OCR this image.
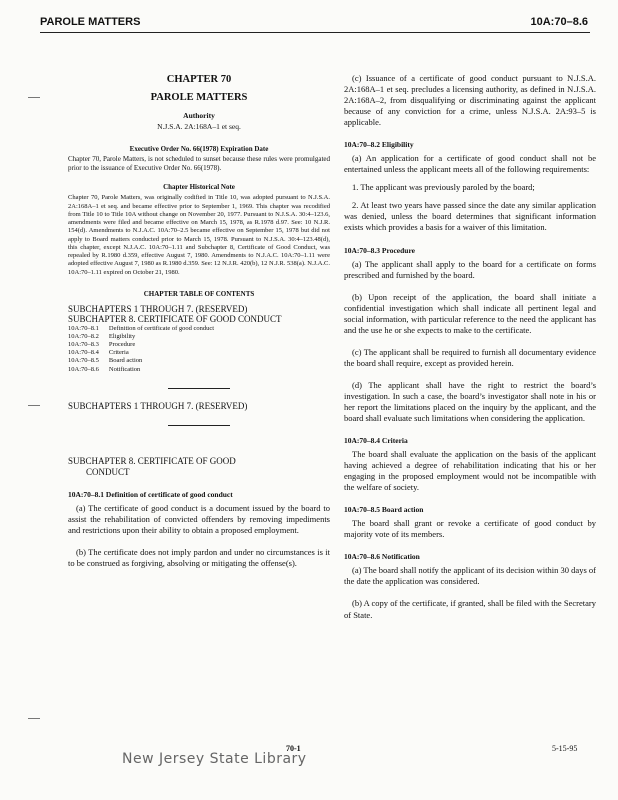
PAROLE MATTERS	10A:70–8.6
CHAPTER 70
PAROLE MATTERS
Authority
N.J.S.A. 2A:168A–1 et seq.
Executive Order No. 66(1978) Expiration Date
Chapter 70, Parole Matters, is not scheduled to sunset because these rules were promulgated prior to the issuance of Executive Order No. 66(1978).
Chapter Historical Note
Chapter 70, Parole Matters, was originally codified in Title 10, was adopted pursuant to N.J.S.A. 2A:168A–1 et seq. and became effective prior to September 1, 1969. This chapter was recodified from Title 10 to Title 10A without change on November 20, 1977. Pursuant to N.J.S.A. 30:4–123.6, amendments were filed and became effective on March 15, 1978, as R.1978 d.97. See: 10 N.J.R. 154(d). Amendments to N.J.A.C. 10A:70–2.5 became effective on September 15, 1978 but did not apply to Board matters conducted prior to March 15, 1978. Pursuant to N.J.S.A. 30:4–123.48(d), this chapter, except N.J.A.C. 10A:70–1.11 and Subchapter 8, Certificate of Good Conduct, was repealed by R.1980 d.359, effective August 7, 1980. Amendments to N.J.A.C. 10A:70–1.11 were adopted effective August 7, 1980 as R.1980 d.359. See: 12 N.J.R. 420(b), 12 N.J.R. 538(a). N.J.A.C. 10A:70–1.11 expired on October 21, 1980.
CHAPTER TABLE OF CONTENTS
SUBCHAPTERS 1 THROUGH 7. (RESERVED)
SUBCHAPTER 8. CERTIFICATE OF GOOD CONDUCT
10A:70–8.1	Definition of certificate of good conduct
10A:70–8.2	Eligibility
10A:70–8.3	Procedure
10A:70–8.4	Criteria
10A:70–8.5	Board action
10A:70–8.6	Notification
SUBCHAPTERS 1 THROUGH 7. (RESERVED)
SUBCHAPTER 8. CERTIFICATE OF GOOD
CONDUCT
10A:70–8.1 Definition of certificate of good conduct
(a) The certificate of good conduct is a document issued by the board to assist the rehabilitation of convicted offenders by removing impediments and restrictions upon their ability to obtain a proposed employment.
(b) The certificate does not imply pardon and under no circumstances is it to be construed as forgiving, absolving or mitigating the offense(s).
(c) Issuance of a certificate of good conduct pursuant to N.J.S.A. 2A:168A–1 et seq. precludes a licensing authority, as defined in N.J.S.A. 2A:168A–2, from disqualifying or discriminating against the applicant because of any conviction for a crime, unless N.J.S.A. 2A:93–5 is applicable.
10A:70–8.2 Eligibility
(a) An application for a certificate of good conduct shall not be entertained unless the applicant meets all of the following requirements:
1. The applicant was previously paroled by the board;
2. At least two years have passed since the date any similar application was denied, unless the board determines that significant information exists which provides a basis for a waiver of this limitation.
10A:70–8.3 Procedure
(a) The applicant shall apply to the board for a certificate on forms prescribed and furnished by the board.
(b) Upon receipt of the application, the board shall initiate a confidential investigation which shall indicate all pertinent legal and social information, with particular reference to the need the applicant has and the use he or she expects to make to the certificate.
(c) The applicant shall be required to furnish all documentary evidence the board shall require, except as provided herein.
(d) The applicant shall have the right to restrict the board’s investigation. In such a case, the board’s investigator shall note in his or her report the limitations placed on the inquiry by the applicant, and the board shall evaluate such limitations when considering the application.
10A:70–8.4 Criteria
The board shall evaluate the application on the basis of the applicant having achieved a degree of rehabilitation indicating that his or her engaging in the proposed employment would not be incompatible with the welfare of society.
10A:70–8.5 Board action
The board shall grant or revoke a certificate of good conduct by majority vote of its members.
10A:70–8.6 Notification
(a) The board shall notify the applicant of its decision within 30 days of the date the application was considered.
(b) A copy of the certificate, if granted, shall be filed with the Secretary of State.
70-1	5-15-95
New Jersey State Library
